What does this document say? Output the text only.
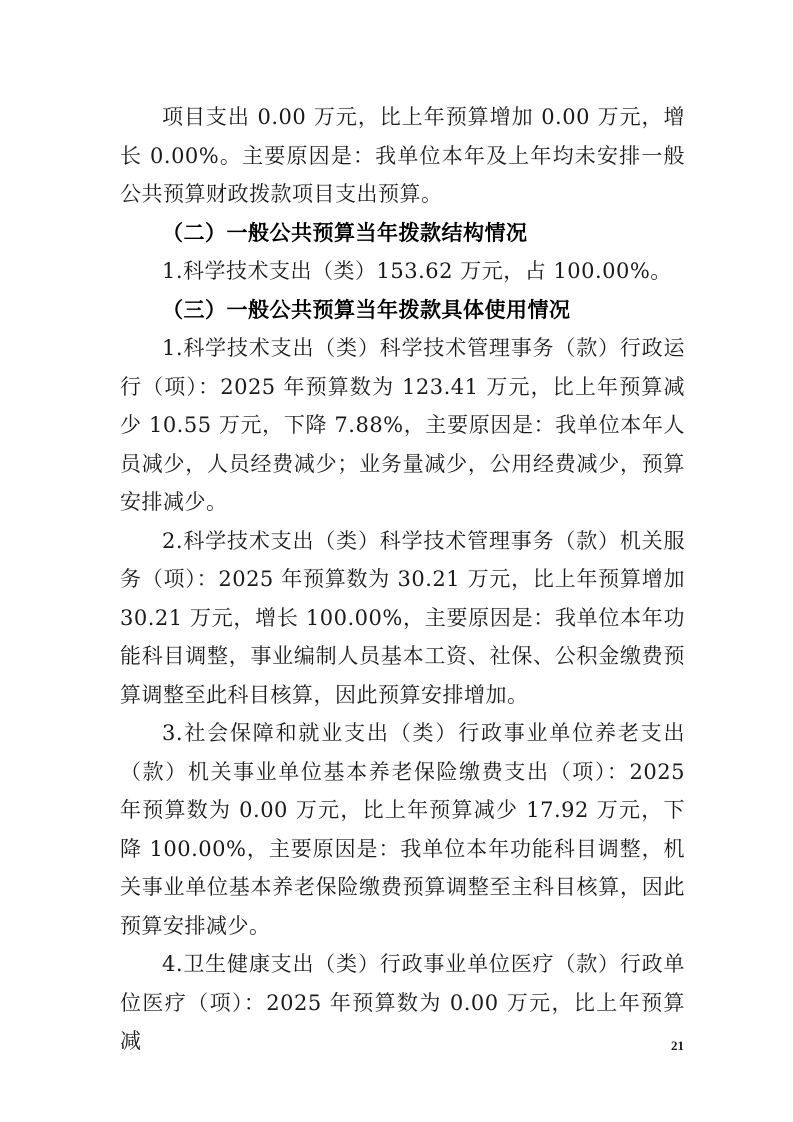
项目支出 0.00 万元，比上年预算增加 0.00 万元，增长 0.00%。主要原因是：我单位本年及上年均未安排一般公共预算财政拨款项目支出预算。

（二）一般公共预算当年拨款结构情况

1.科学技术支出（类）153.62 万元，占 100.00%。

（三）一般公共预算当年拨款具体使用情况

1.科学技术支出（类）科学技术管理事务（款）行政运行（项）：2025 年预算数为 123.41 万元，比上年预算减少 10.55 万元，下降 7.88%，主要原因是：我单位本年人员减少，人员经费减少；业务量减少，公用经费减少，预算安排减少。

2.科学技术支出（类）科学技术管理事务（款）机关服务（项）：2025 年预算数为 30.21 万元，比上年预算增加 30.21 万元，增长 100.00%，主要原因是：我单位本年功能科目调整，事业编制人员基本工资、社保、公积金缴费预算调整至此科目核算，因此预算安排增加。

3.社会保障和就业支出（类）行政事业单位养老支出（款）机关事业单位基本养老保险缴费支出（项）：2025 年预算数为 0.00 万元，比上年预算减少 17.92 万元，下降 100.00%，主要原因是：我单位本年功能科目调整，机关事业单位基本养老保险缴费预算调整至主科目核算，因此预算安排减少。

4.卫生健康支出（类）行政事业单位医疗（款）行政单位医疗（项）：2025 年预算数为 0.00 万元，比上年预算减	21
